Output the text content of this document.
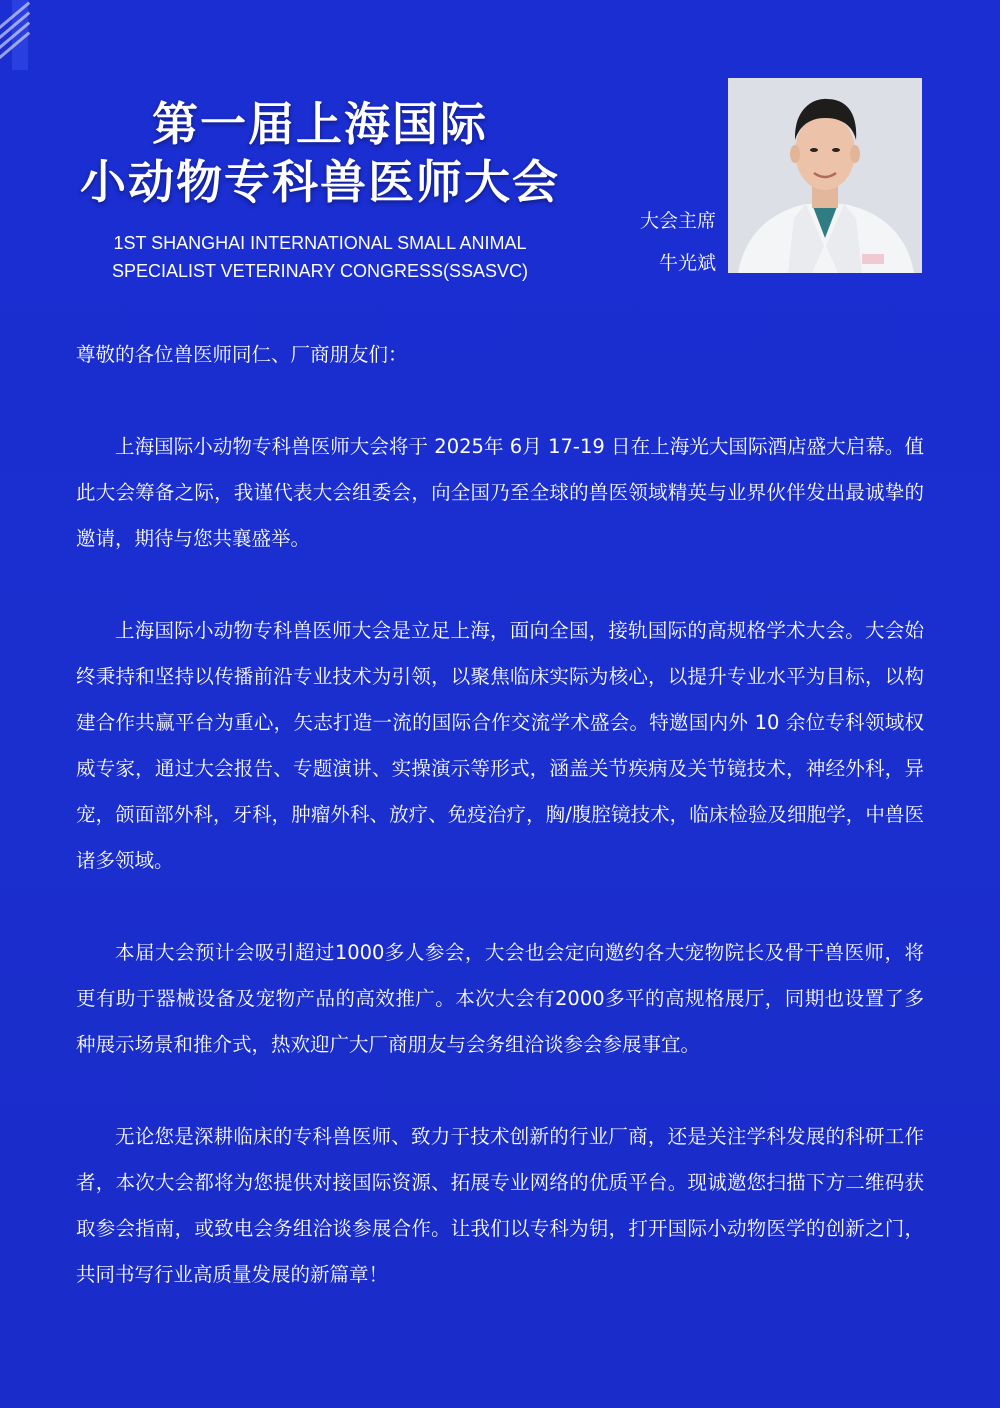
第一届上海国际
小动物专科兽医师大会
1ST SHANGHAI INTERNATIONAL SMALL ANIMAL
SPECIALIST VETERINARY CONGRESS(SSASVC)
大会主席
牛光斌

尊敬的各位兽医师同仁、厂商朋友们：

上海国际小动物专科兽医师大会将于 2025年 6月 17-19 日在上海光大国际酒店盛大启幕。值此大会筹备之际，我谨代表大会组委会，向全国乃至全球的兽医领域精英与业界伙伴发出最诚挚的邀请，期待与您共襄盛举。

上海国际小动物专科兽医师大会是立足上海，面向全国，接轨国际的高规格学术大会。大会始终秉持和坚持以传播前沿专业技术为引领，以聚焦临床实际为核心，以提升专业水平为目标，以构建合作共赢平台为重心，矢志打造一流的国际合作交流学术盛会。特邀国内外 10 余位专科领域权威专家，通过大会报告、专题演讲、实操演示等形式，涵盖关节疾病及关节镜技术，神经外科，异宠，颌面部外科，牙科，肿瘤外科、放疗、免疫治疗，胸/腹腔镜技术，临床检验及细胞学，中兽医诸多领域。

本届大会预计会吸引超过1000多人参会，大会也会定向邀约各大宠物院长及骨干兽医师，将更有助于器械设备及宠物产品的高效推广。本次大会有2000多平的高规格展厅，同期也设置了多种展示场景和推介式，热欢迎广大厂商朋友与会务组洽谈参会参展事宜。

无论您是深耕临床的专科兽医师、致力于技术创新的行业厂商，还是关注学科发展的科研工作者，本次大会都将为您提供对接国际资源、拓展专业网络的优质平台。现诚邀您扫描下方二维码获取参会指南，或致电会务组洽谈参展合作。让我们以专科为钥，打开国际小动物医学的创新之门，共同书写行业高质量发展的新篇章！
